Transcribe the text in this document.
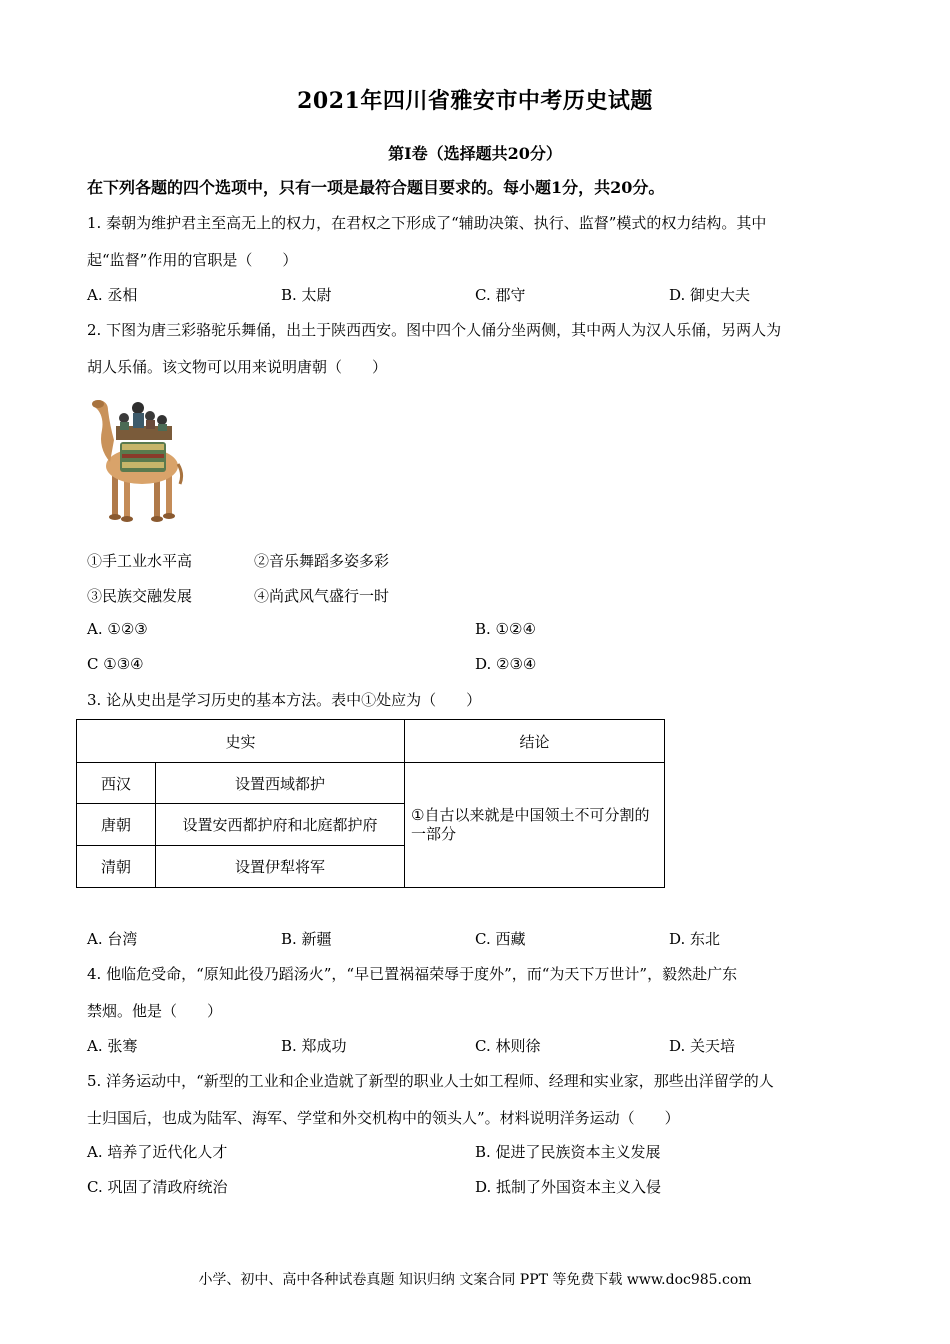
2021年四川省雅安市中考历史试题
第Ⅰ卷（选择题共20分）
在下列各题的四个选项中，只有一项是最符合题目要求的。每小题1分，共20分。
1. 秦朝为维护君主至高无上的权力，在君权之下形成了“辅助决策、执行、监督”模式的权力结构。其中
起“监督”作用的官职是（　　）
A. 丞相	B. 太尉	C. 郡守	D. 御史大夫
2. 下图为唐三彩骆驼乐舞俑，出土于陕西西安。图中四个人俑分坐两侧，其中两人为汉人乐俑，另两人为
胡人乐俑。该文物可以用来说明唐朝（　　）
①手工业水平高	②音乐舞蹈多姿多彩
③民族交融发展	④尚武风气盛行一时
A. ①②③	B. ①②④
C ①③④	D. ②③④
3. 论从史出是学习历史的基本方法。表中①处应为（　　）
史实		结论
西汉	设置西域都护	①自古以来就是中国领土不可分割的一部分
唐朝	设置安西都护府和北庭都护府	
清朝	设置伊犁将军	
A. 台湾	B. 新疆	C. 西藏	D. 东北
4. 他临危受命，“原知此役乃蹈汤火”，“早已置祸福荣辱于度外”，而“为天下万世计”，毅然赴广东
禁烟。他是（　　）
A. 张骞	B. 郑成功	C. 林则徐	D. 关天培
5. 洋务运动中，“新型的工业和企业造就了新型的职业人士如工程师、经理和实业家，那些出洋留学的人
士归国后，也成为陆军、海军、学堂和外交机构中的领头人”。材料说明洋务运动（　　）
A. 培养了近代化人才	B. 促进了民族资本主义发展
C. 巩固了清政府统治	D. 抵制了外国资本主义入侵
小学、初中、高中各种试卷真题 知识归纳 文案合同 PPT 等免费下载 www.doc985.com
